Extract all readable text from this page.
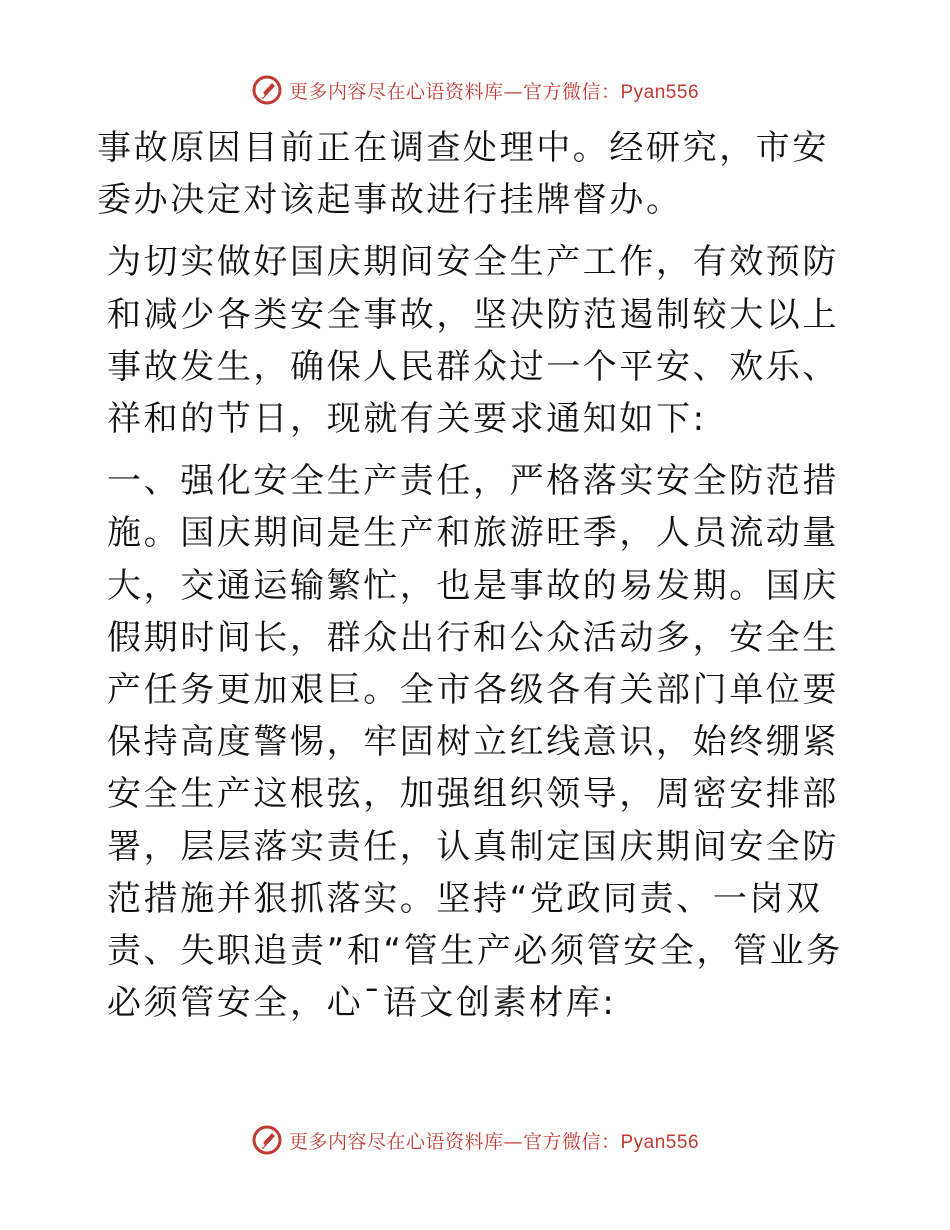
更多内容尽在心语资料库—官方微信：Pyan556

事故原因目前正在调查处理中。经研究，市安委办决定对该起事故进行挂牌督办。

为切实做好国庆期间安全生产工作，有效预防和减少各类安全事故，坚决防范遏制较大以上事故发生，确保人民群众过一个平安、欢乐、祥和的节日，现就有关要求通知如下:

一、强化安全生产责任，严格落实安全防范措施。国庆期间是生产和旅游旺季，人员流动量大，交通运输繁忙，也是事故的易发期。国庆假期时间长，群众出行和公众活动多，安全生产任务更加艰巨。全市各级各有关部门单位要保持高度警惕，牢固树立红线意识，始终绷紧安全生产这根弦，加强组织领导，周密安排部署，层层落实责任，认真制定国庆期间安全防范措施并狠抓落实。坚持“党政同责、一岗双责、失职追责”和“管生产必须管安全，管业务必须管安全，心¯语文创素材库:

更多内容尽在心语资料库—官方微信：Pyan556
